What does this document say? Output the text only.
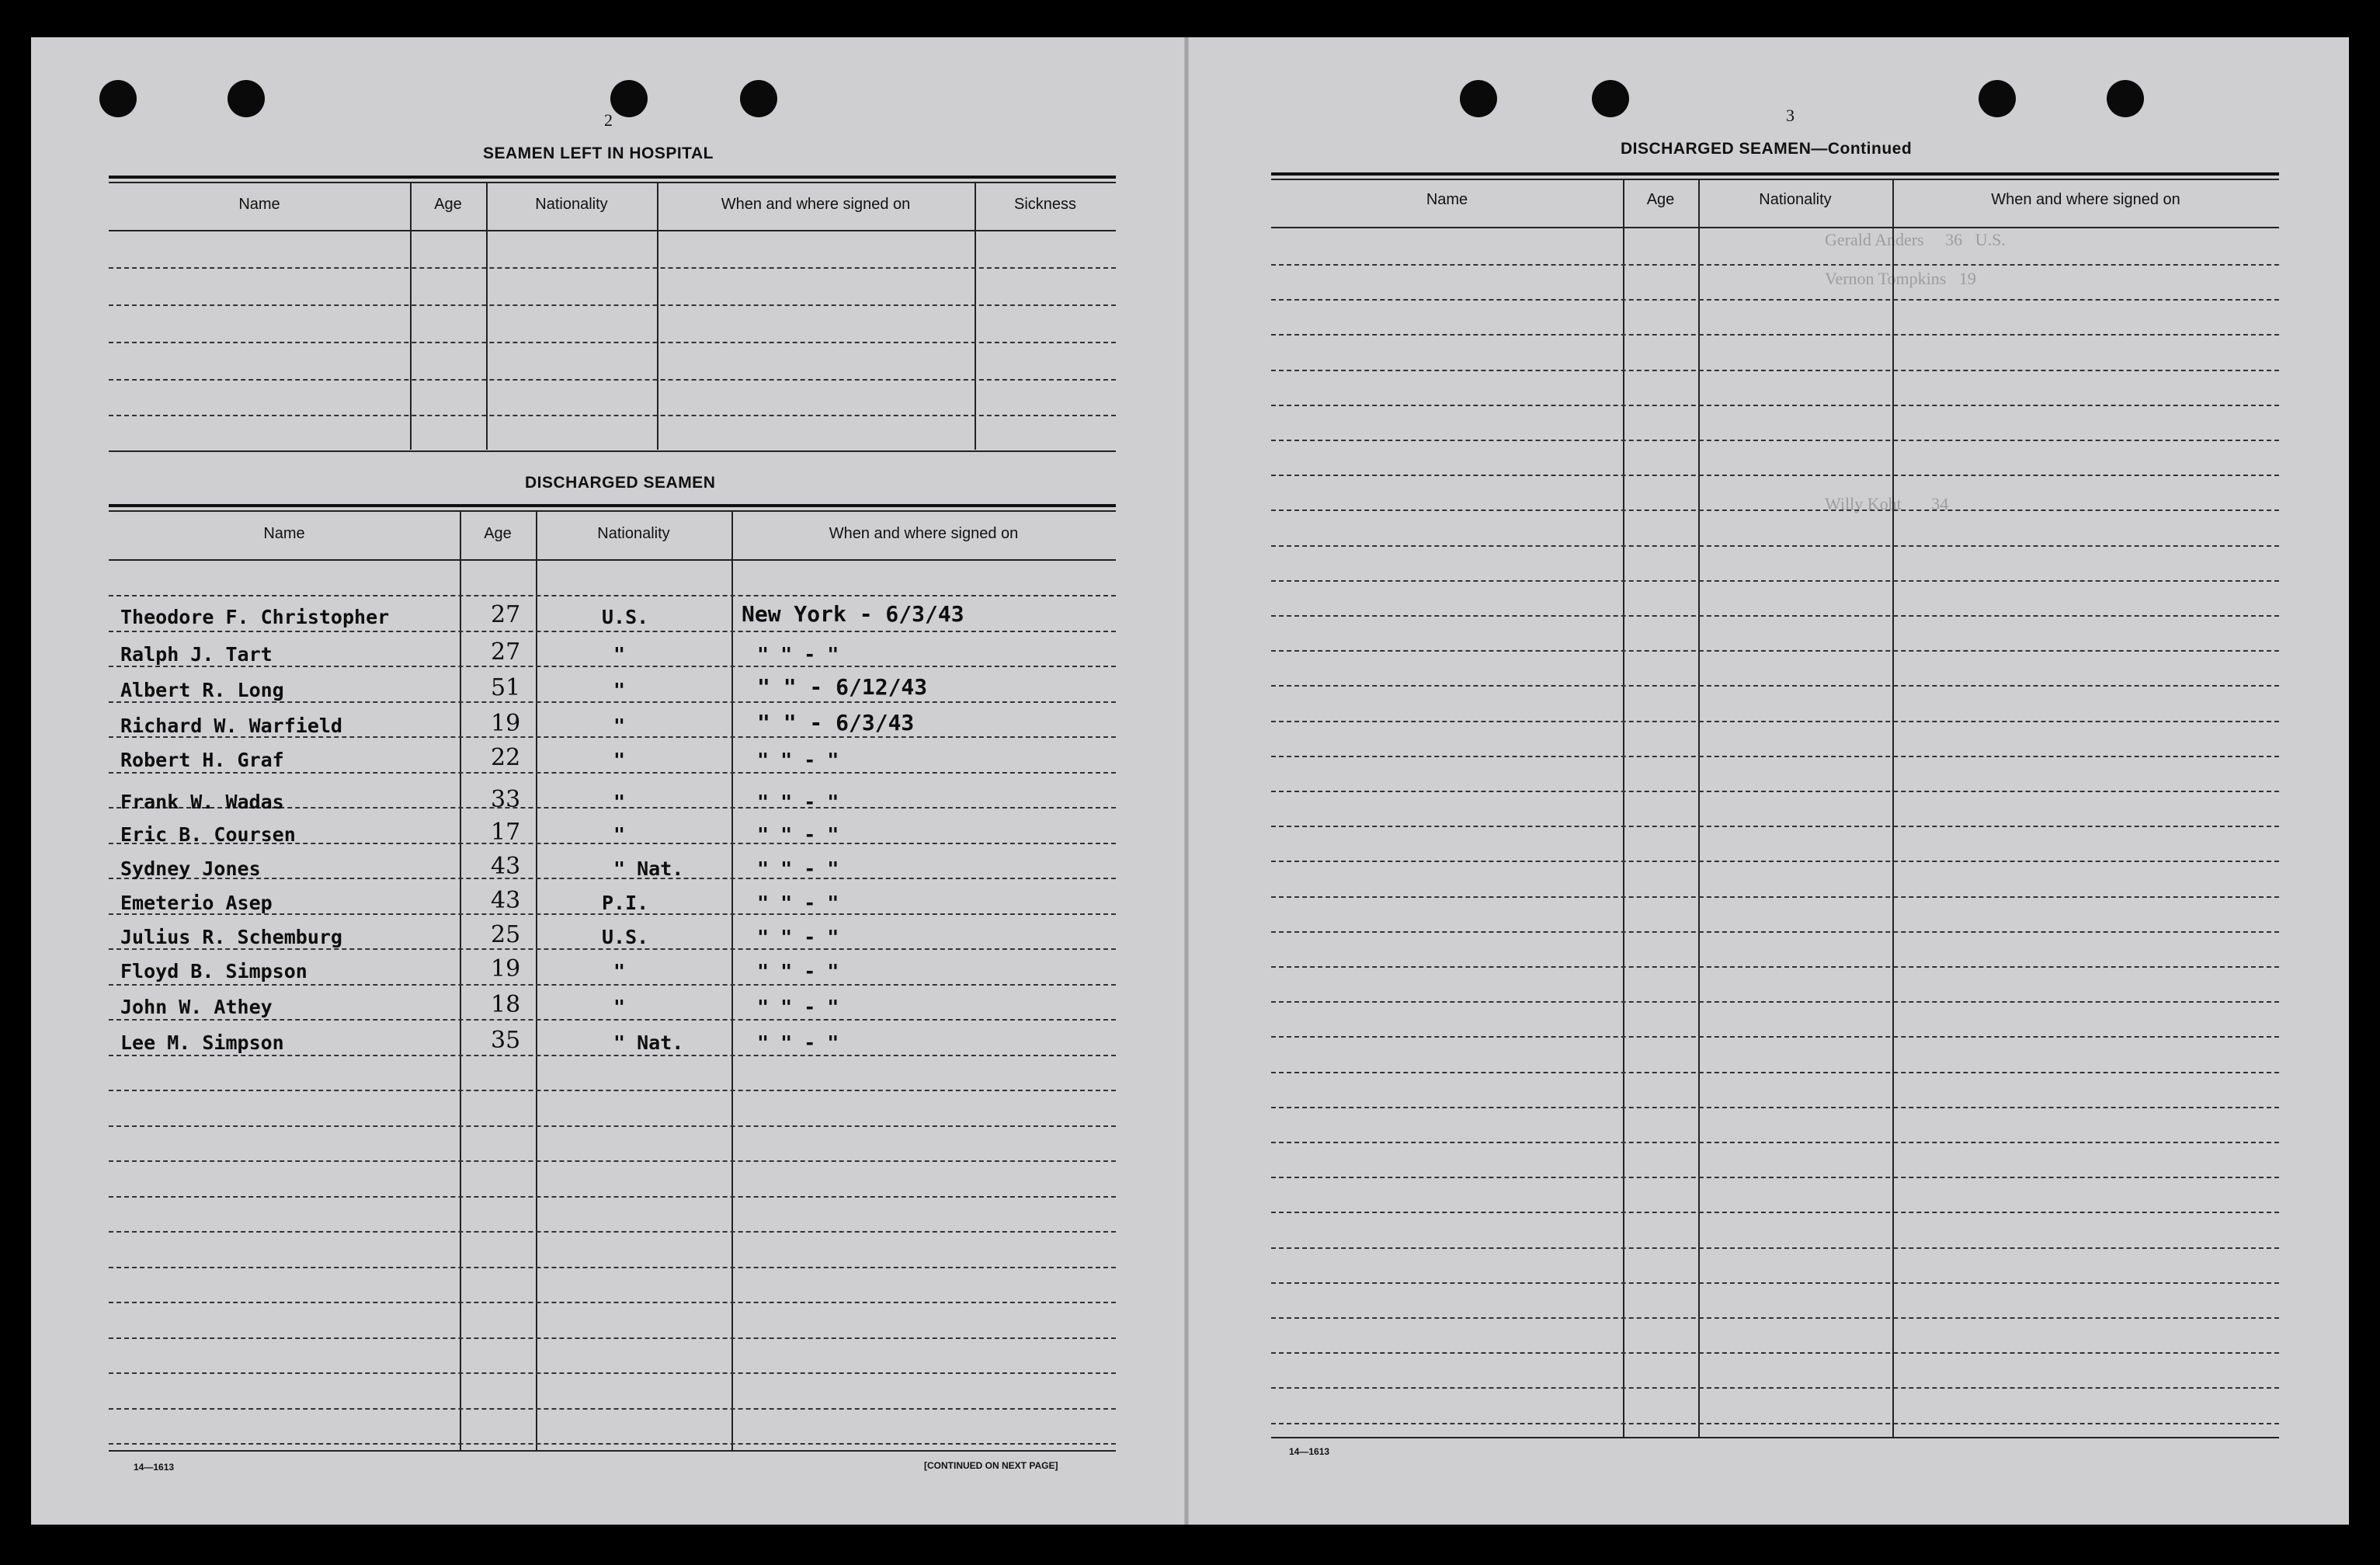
Gerald Anders     36   U.S.
Vernon Tompkins   19
Willy Koht       34
2
SEAMEN LEFT IN HOSPITAL
Name	Age	Nationality	When and where signed on	Sickness
DISCHARGED SEAMEN
Name	Age	Nationality	When and where signed on
Theodore F. Christopher	27	U.S.	New York - 6/3/43
Ralph J. Tart	27	"	" " - "
Albert R. Long	51	"	" " - 6/12/43
Richard W. Warfield	19	"	" " - 6/3/43
Robert H. Graf	22	"	" " - "
Frank W. Wadas	33	"	" " - "
Eric B. Coursen	17	"	" " - "
Sydney Jones	43	" Nat.	" " - "
Emeterio Asep	43	P.I.	" " - "
Julius R. Schemburg	25	U.S.	" " - "
Floyd B. Simpson	19	"	" " - "
John W. Athey	18	"	" " - "
Lee M. Simpson	35	" Nat.	" " - "
14—1613	[CONTINUED ON NEXT PAGE]
3
DISCHARGED SEAMEN—Continued
Name	Age	Nationality	When and where signed on
14—1613
